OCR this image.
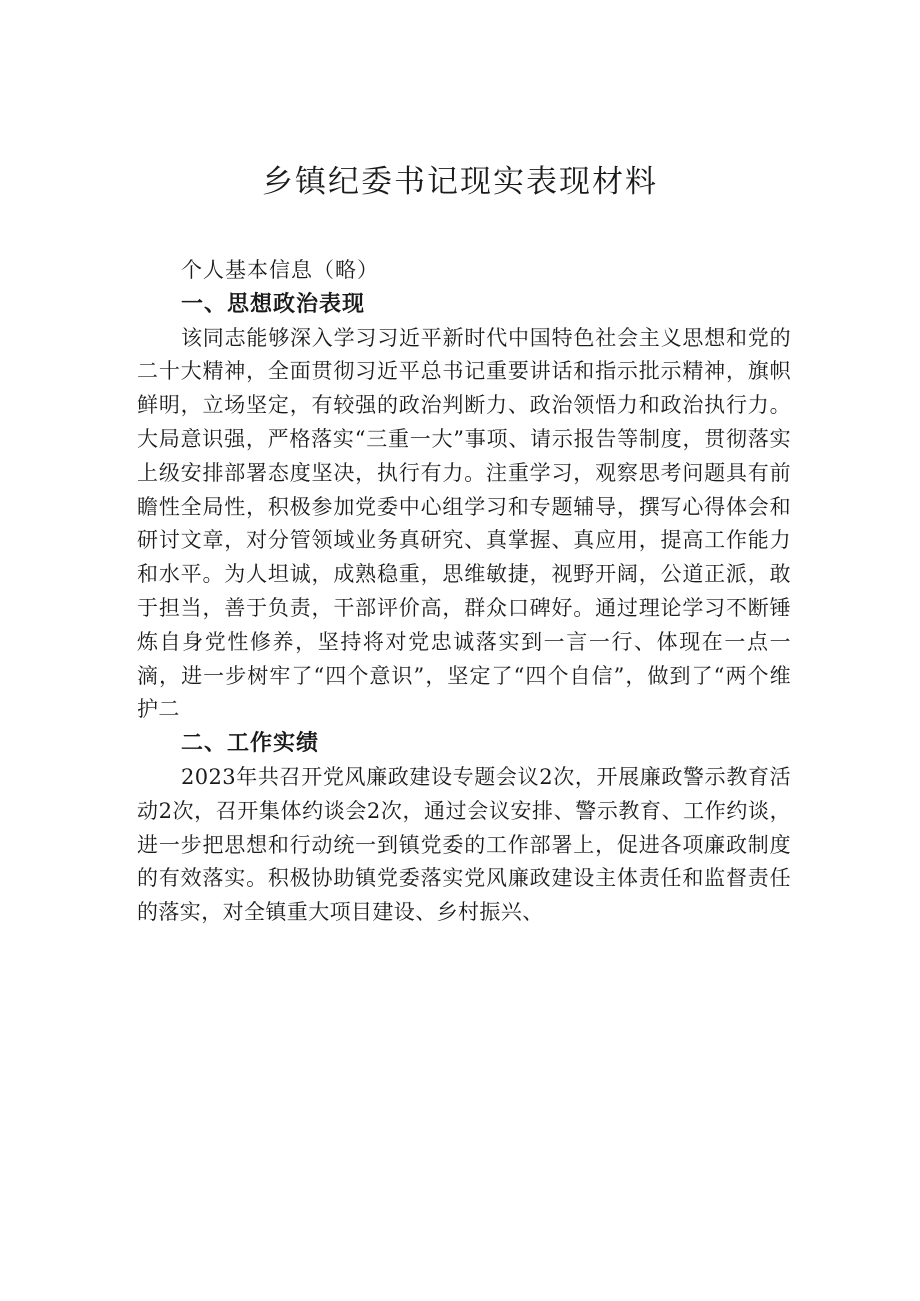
乡镇纪委书记现实表现材料

个人基本信息（略）

一、思想政治表现

该同志能够深入学习习近平新时代中国特色社会主义思想和党的二十大精神，全面贯彻习近平总书记重要讲话和指示批示精神，旗帜鲜明，立场坚定，有较强的政治判断力、政治领悟力和政治执行力。大局意识强，严格落实“三重一大”事项、请示报告等制度，贯彻落实上级安排部署态度坚决，执行有力。注重学习，观察思考问题具有前瞻性全局性，积极参加党委中心组学习和专题辅导，撰写心得体会和研讨文章，对分管领域业务真研究、真掌握、真应用，提高工作能力和水平。为人坦诚，成熟稳重，思维敏捷，视野开阔，公道正派，敢于担当，善于负责，干部评价高，群众口碑好。通过理论学习不断锤炼自身党性修养，坚持将对党忠诚落实到一言一行、体现在一点一滴，进一步树牢了“四个意识”，坚定了“四个自信”，做到了“两个维护二

二、工作实绩

2023年共召开党风廉政建设专题会议2次，开展廉政警示教育活动2次，召开集体约谈会2次，通过会议安排、警示教育、工作约谈，进一步把思想和行动统一到镇党委的工作部署上，促进各项廉政制度的有效落实。积极协助镇党委落实党风廉政建设主体责任和监督责任的落实，对全镇重大项目建设、乡村振兴、
